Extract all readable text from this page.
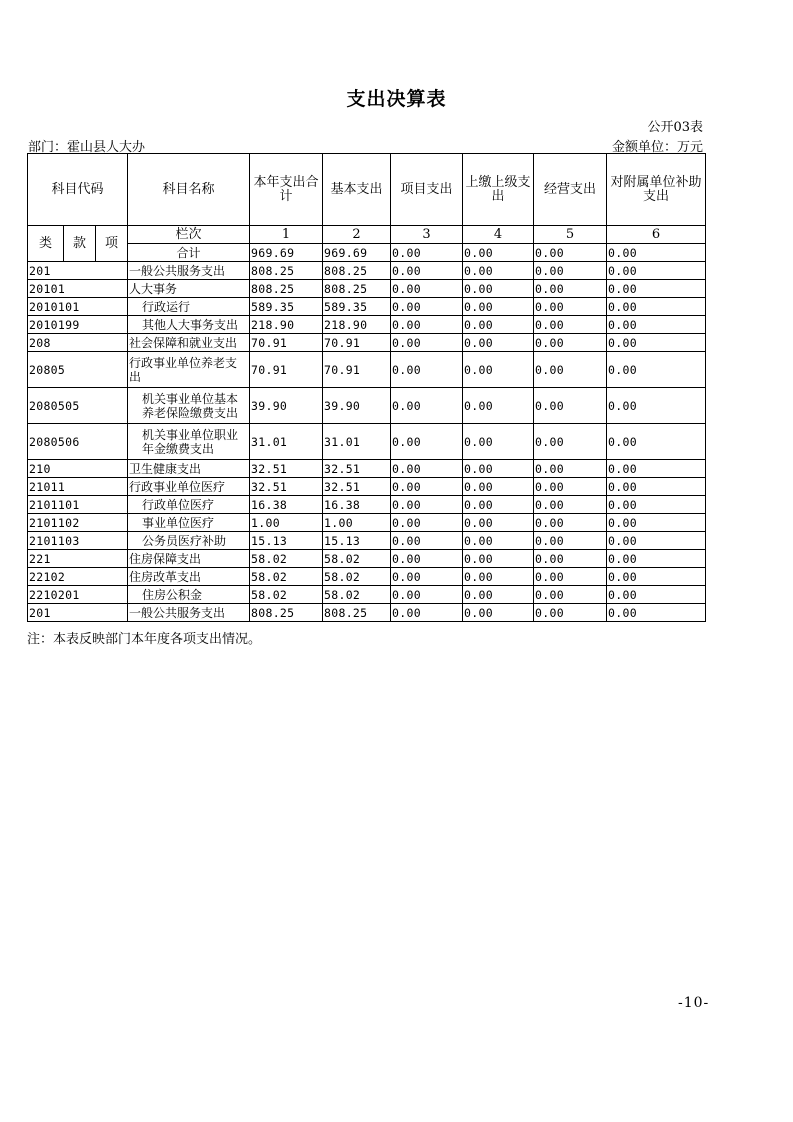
支出决算表
公开03表
部门：霍山县人大办	金额单位：万元
科目代码			科目名称	本年支出合计	基本支出	项目支出	上缴上级支出	经营支出	对附属单位补助支出
类	款	项	栏次	1	2	3	4	5	6
			合计	969.69	969.69	0.00	0.00	0.00	0.00
201			一般公共服务支出	808.25	808.25	0.00	0.00	0.00	0.00
20101			人大事务	808.25	808.25	0.00	0.00	0.00	0.00
2010101			行政运行	589.35	589.35	0.00	0.00	0.00	0.00
2010199			其他人大事务支出	218.90	218.90	0.00	0.00	0.00	0.00
208			社会保障和就业支出	70.91	70.91	0.00	0.00	0.00	0.00
20805			行政事业单位养老支出	70.91	70.91	0.00	0.00	0.00	0.00
2080505			机关事业单位基本养老保险缴费支出	39.90	39.90	0.00	0.00	0.00	0.00
2080506			机关事业单位职业年金缴费支出	31.01	31.01	0.00	0.00	0.00	0.00
210			卫生健康支出	32.51	32.51	0.00	0.00	0.00	0.00
21011			行政事业单位医疗	32.51	32.51	0.00	0.00	0.00	0.00
2101101			行政单位医疗	16.38	16.38	0.00	0.00	0.00	0.00
2101102			事业单位医疗	1.00	1.00	0.00	0.00	0.00	0.00
2101103			公务员医疗补助	15.13	15.13	0.00	0.00	0.00	0.00
221			住房保障支出	58.02	58.02	0.00	0.00	0.00	0.00
22102			住房改革支出	58.02	58.02	0.00	0.00	0.00	0.00
2210201			住房公积金	58.02	58.02	0.00	0.00	0.00	0.00
201			一般公共服务支出	808.25	808.25	0.00	0.00	0.00	0.00
注：本表反映部门本年度各项支出情况。
-10-
